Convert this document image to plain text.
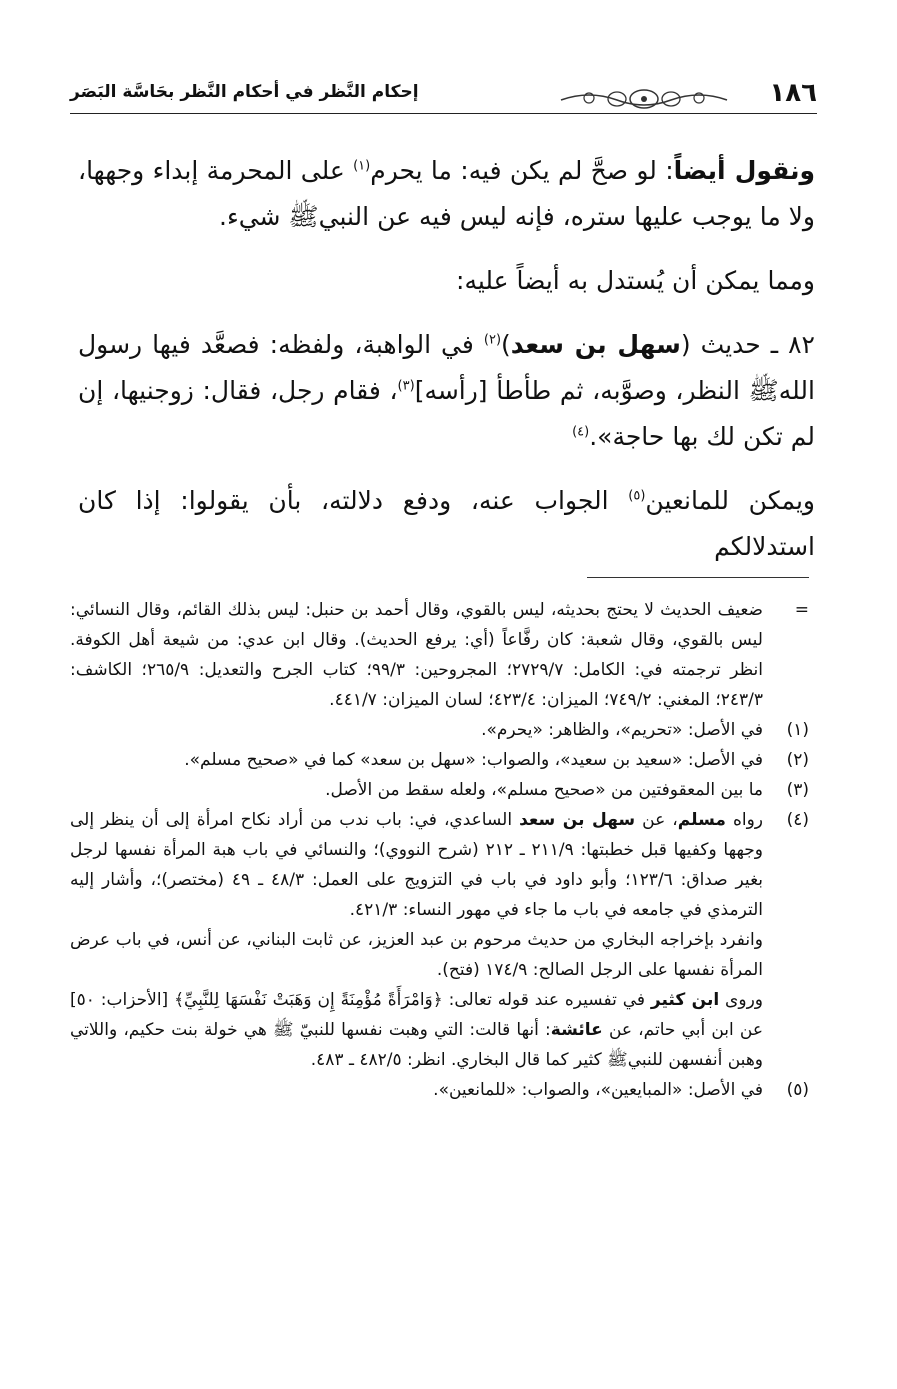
١٨٦
إحكام النَّظر في أحكام النَّظر بحَاسَّة البَصَر

ونقول أيضاً: لو صحَّ لم يكن فيه: ما يحرم$^{(١)}$ على المحرمة إبداء وجهها، ولا ما يوجب عليها ستره، فإنه ليس فيه عن النبيﷺ شيء.

ومما يمكن أن يُستدل به أيضاً عليه:

٨٢ ـ حديث (سهل بن سعد)$^{(٢)}$ في الواهبة، ولفظه: فصعَّد فيها رسول اللهﷺ النظر، وصوَّبه، ثم طأطأ [رأسه]$^{(٣)}$، فقام رجل، فقال: زوجنيها، إن لم تكن لك بها حاجة».$^{(٤)}$

ويمكن للمانعين$^{(٥)}$ الجواب عنه، ودفع دلالته، بأن يقولوا: إذا كان استدلالكم

=
ضعيف الحديث لا يحتج بحديثه، ليس بالقوي، وقال أحمد بن حنبل: ليس بذلك القائم، وقال النسائي: ليس بالقوي، وقال شعبة: كان رفَّاعاً (أي: يرفع الحديث). وقال ابن عدي: من شيعة أهل الكوفة. انظر ترجمته في: الكامل: ٢٧٢٩/٧؛ المجروحين: ٩٩/٣؛ كتاب الجرح والتعديل: ٢٦٥/٩؛ الكاشف: ٢٤٣/٣؛ المغني: ٧٤٩/٢؛ الميزان: ٤٢٣/٤؛ لسان الميزان: ٤٤١/٧.
(١)
في الأصل: «تحريم»، والظاهر: «يحرم».
(٢)
في الأصل: «سعيد بن سعيد»، والصواب: «سهل بن سعد» كما في «صحيح مسلم».
(٣)
ما بين المعقوفتين من «صحيح مسلم»، ولعله سقط من الأصل.
(٤)
رواه مسلم، عن سهل بن سعد الساعدي، في: باب ندب من أراد نكاح امرأة إلى أن ينظر إلى وجهها وكفيها قبل خطبتها: ٢١١/٩ ـ ٢١٢ (شرح النووي)؛ والنسائي في باب هبة المرأة نفسها لرجل بغير صداق: ١٢٣/٦؛ وأبو داود في باب في التزويج على العمل: ٤٨/٣ ـ ٤٩ (مختصر)؛، وأشار إليه الترمذي في جامعه في باب ما جاء في مهور النساء: ٤٢١/٣.
وانفرد بإخراجه البخاري من حديث مرحوم بن عبد العزيز، عن ثابت البناني، عن أنس، في باب عرض المرأة نفسها على الرجل الصالح: ١٧٤/٩ (فتح).
وروى ابن كثير في تفسيره عند قوله تعالى: ﴿وَامْرَأَةً مُؤْمِنَةً إِن وَهَبَتْ نَفْسَهَا لِلنَّبِيِّ﴾ [الأحزاب: ٥٠] عن ابن أبي حاتم، عن عائشة: أنها قالت: التي وهبت نفسها للنبيّ ﷺ هي خولة بنت حكيم، واللاتي وهبن أنفسهن للنبيﷺ كثير كما قال البخاري. انظر: ٤٨٢/٥ ـ ٤٨٣.
(٥)
في الأصل: «المبايعين»، والصواب: «للمانعين».
